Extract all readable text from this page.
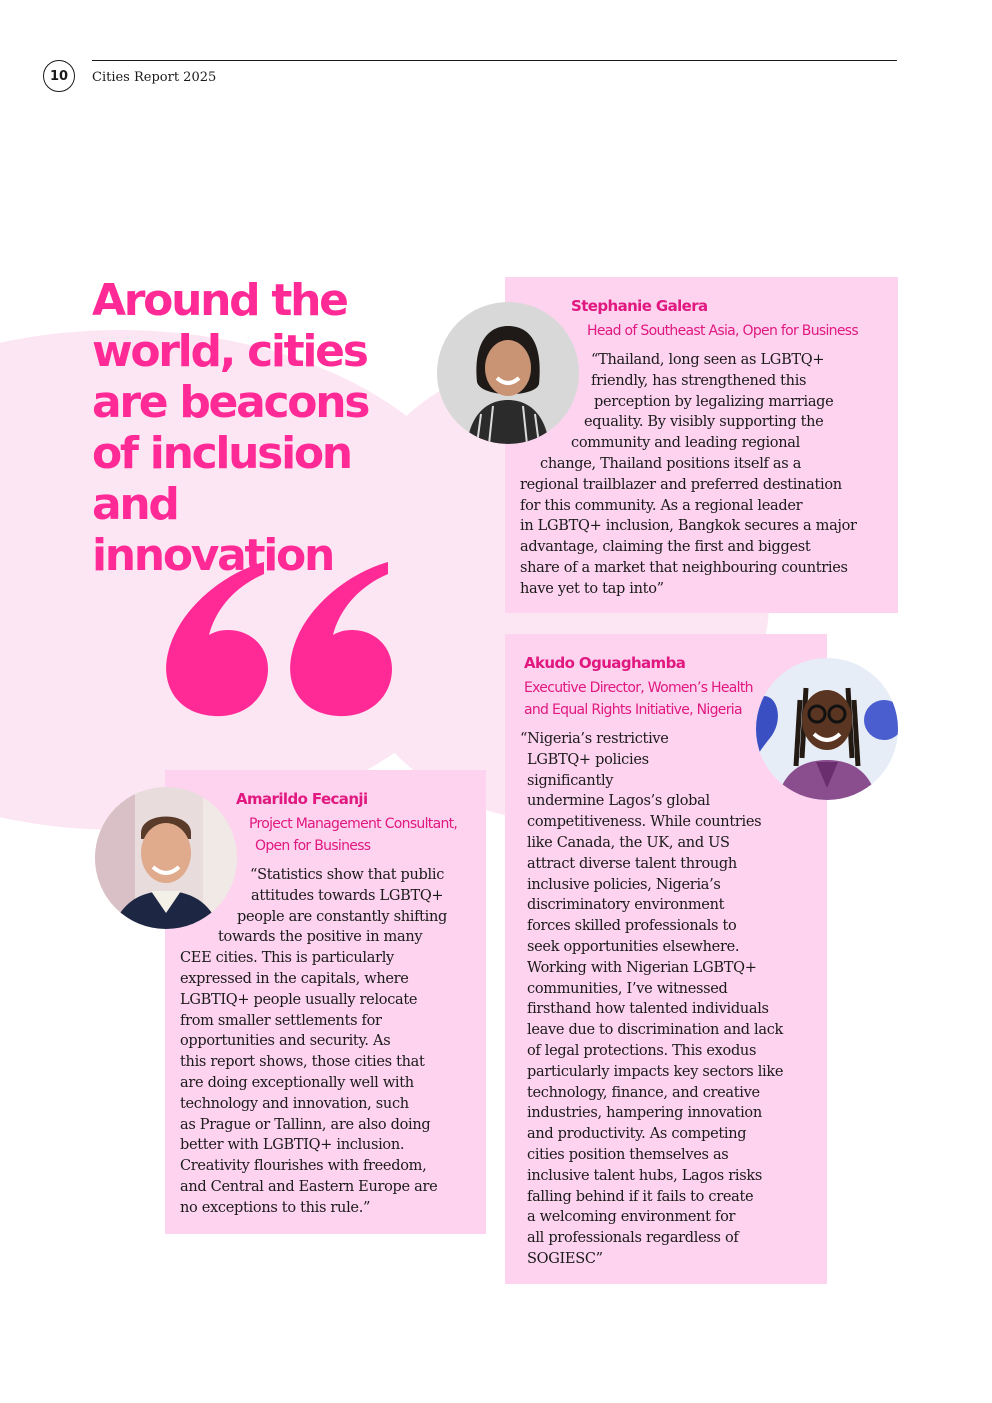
10	Cities Report 2025
Around the world, cities are beacons of inclusion and innovation
Stephanie Galera
Head of Southeast Asia, Open for Business
“Thailand, long seen as LGBTQ+
friendly, has strengthened this
perception by legalizing marriage
equality. By visibly supporting the
community and leading regional
change, Thailand positions itself as a
regional trailblazer and preferred destination
for this community. As a regional leader
in LGBTQ+ inclusion, Bangkok secures a major
advantage, claiming the first and biggest
share of a market that neighbouring countries
have yet to tap into”
Akudo Oguaghamba
Executive Director, Women’s Health
and Equal Rights Initiative, Nigeria
“Nigeria’s restrictive
LGBTQ+ policies
significantly
undermine Lagos’s global
competitiveness. While countries
like Canada, the UK, and US
attract diverse talent through
inclusive policies, Nigeria’s
discriminatory environment
forces skilled professionals to
seek opportunities elsewhere.
Working with Nigerian LGBTQ+
communities, I’ve witnessed
firsthand how talented individuals
leave due to discrimination and lack
of legal protections. This exodus
particularly impacts key sectors like
technology, finance, and creative
industries, hampering innovation
and productivity. As competing
cities position themselves as
inclusive talent hubs, Lagos risks
falling behind if it fails to create
a welcoming environment for
all professionals regardless of
SOGIESC”
Amarildo Fecanji
Project Management Consultant,
Open for Business
“Statistics show that public
attitudes towards LGBTQ+
people are constantly shifting
towards the positive in many
CEE cities. This is particularly
expressed in the capitals, where
LGBTIQ+ people usually relocate
from smaller settlements for
opportunities and security. As
this report shows, those cities that
are doing exceptionally well with
technology and innovation, such
as Prague or Tallinn, are also doing
better with LGBTIQ+ inclusion.
Creativity flourishes with freedom,
and Central and Eastern Europe are
no exceptions to this rule.”
